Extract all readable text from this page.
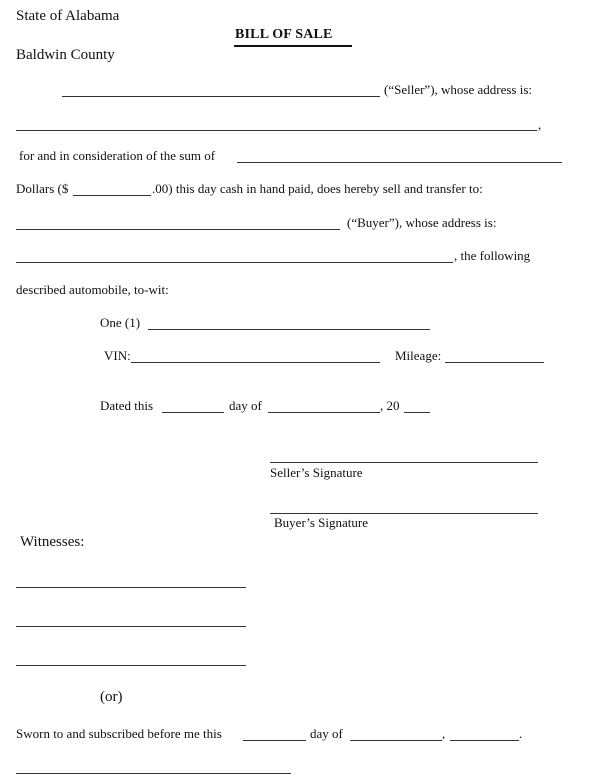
State of Alabama
Baldwin County
BILL OF SALE
(“Seller”), whose address is:
,
for and in consideration of the sum of
Dollars ($	.00) this day cash in hand paid, does hereby sell and transfer to:
(“Buyer”), whose address is:
, the following
described automobile, to-wit:
One (1)
VIN:	Mileage:
Dated this	day of	, 20
Seller’s Signature
Buyer’s Signature
Witnesses:
(or)
Sworn to and subscribed before me this	day of	,	.
